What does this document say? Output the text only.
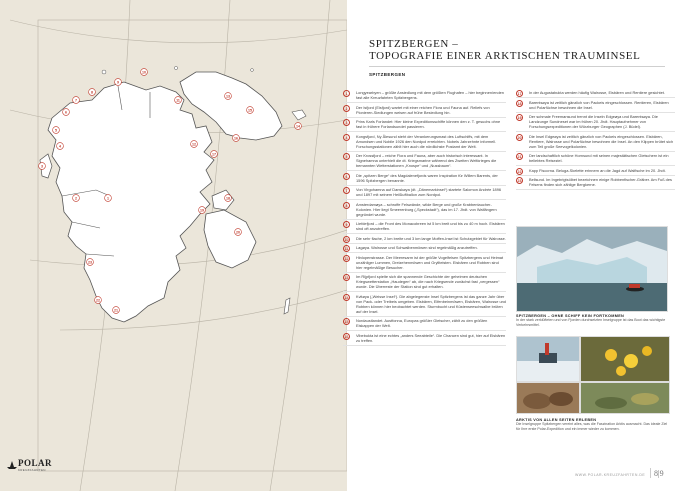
1
2
3
4
5
6
7
8
9
10
11
12
13
14
15
16
17
18
19
20
21
22
23
POLAR
KREUZFAHRTEN
SPITZBERGEN –
TOPOGRAFIE EINER ARKTISCHEN TRAUMINSEL
SPITZBERGEN
1	Longyearbyen – größte Ansiedlung mit dem größten Flughafen – hier beginnen/enden fast alle Kreuzfahrten Spitzbergens.
2	Der Isfjord (Eisfjord) wartet mit einer reichen Flora und Fauna auf. Reliefs von Pionieren-Siedlungen weisen auf frühe Besiedlung hin.
3	Prins Karls Forlandet: Hier kleine Expeditionsschiffe können den z. T. gesuchs ohne fast in frühere Forlandsundet passieren.
4	Kongsfjord, Ny Ålesund steht der Verankerungsmast des Luftschiffs, mit dem Amundsen und Nobile 1926 den Nordpol erreichten. Nobels Jahrzehnte informell. Forschungsstationen zählt hier auch die nördlichste Postamt der Welt.
5	Der Krossfjord – reiche Flora und Fauna, aber auch historisch interessant. In Signehamna unterhielt die dt. Kriegsmarine während des Zweiten Weltkrieges die bemannten Wetterstationen „Knospe“ und „Nussbaum“.
6	Die „spitzen Berge“ des Magdalenefjords waren Inspiration für Willem Barents, der 1596 Spitzbergen benannte.
7	Von Virgohamna auf Danskøya (dt. „Dänemarkinsel“) startete Salomon Andrée 1896 und 1897 mit seinem Heißluftballon zum Nordpol.
8	Amsterdamøya – schroffe Felswände, wilde Berge und große Krabbentaucher-Kolonien. Hier liegt Smeerenburg („Speckstadt“), das im 17. Jhdt. von Walfängern gegründet wurde.
9	Liefdefjord – die Front des Monacobreen ist 5 km breit und bis zu 40 m hoch. Eisbären sind oft anzutreffen.
10	Die sehr flache, 2 km breite und 3 km lange Moffen-Insel ist Schutzgebiet für Walrosse.
11	Lagøya. Walrosse und Schwalbenmöwen sind regelmäßig anzutreffen.
12	Hinlopenstrasse. Der Meeresarm ist der größte Vogelfelsen Spitzbergens und Heimat unzähliger Lummen, Dreizehenmöwen und Gryllteisten. Eisbären und Robben sind hier regelmäßige Besucher.
13	Im Rijpfjord spielte sich die spannende Geschichte der geheimen deutschen Kriegswetterstation „Haudegen“ ab, die nach Kriegsende zunächst fast „vergessen“ wurde. Die Überreste der Station sind gut erhalten.
14	Kvitøya („Weisse Insel“). Die abgelegenste Insel Spitzbergens ist das ganze Jahr über von Pack- oder Treibeis umgeben. Eisbären, Elfenbeinmöwen, Eisbären, Walrosse und Robben können hier beobachtet werden. Sturmbucht und Küstenseeschwalbe brüten auf der Insel.
15	Nordaustlandet. Austfonna, Europas größter Gletscher, zählt zu den größten Eiskappen der Welt.
16	Vibebukta ist eine echtes „anders Seeabteile“. Die Chancen sind gut, hier auf Eisbären zu treffen.
17	In der Augustabukta werden häufig Walrosse, Eisbären und Rentiere gesichtet.
18	Barentsøya ist zeitlich gänzlich von Packeis eingeschlossen. Rentieren, Eisbären und Polarfüchse bewohnen die Insel.
19	Der schmale Freemansund trennt die Inseln Edgeøya und Barentsøya. Die Landzunge Sundneset war im frühen 20. Jhdt. Hauptaufnehmer von Forschungsexpeditionen der Würzburger Geographen (J. Büdel).
20	Die Insel Edgeøya ist zeitlich gänzlich von Packeis eingeschlossen. Eisbären, Rentiere, Walrosse und Polarfüchse bewohnen die Insel. An den Klippen brütet sich zum Teil große Seevogelkolonien.
21	Der landschaftlich schöne Hornsund mit seinen majestätischen Gletschern ist ein beliebtes Reiseziel.
22	Kapp Fiscorna. Beluga-Skelette erinnern an die Jagd auf Walfische im 20. Jhdt.
23	Bellsund. Im Ingebrigtsölbet bezeichnen einige Robbenfischer-Gräber. Am Fuß des Felsens finden sich zählige Bergkerne.
SPITZBERGEN – OHNE SCHIFF KEIN FORTKOMMEN
In der stark zerklüfteten und von Fjorden durchsetzten Inselgruppe ist das Boot das wichtigste Verkehrsmittel.
ARKTIS VON ALLEN SEITEN ERLEBEN
Die Inselgruppe Spitzbergen vereint alles, was die Faszination Arktis ausmacht. Das ideale Ziel für Ihre erste Polar-Expedition und ein immer wieder zu kommen.
WWW.POLAR-KREUZFAHRTEN.DE 8|9
